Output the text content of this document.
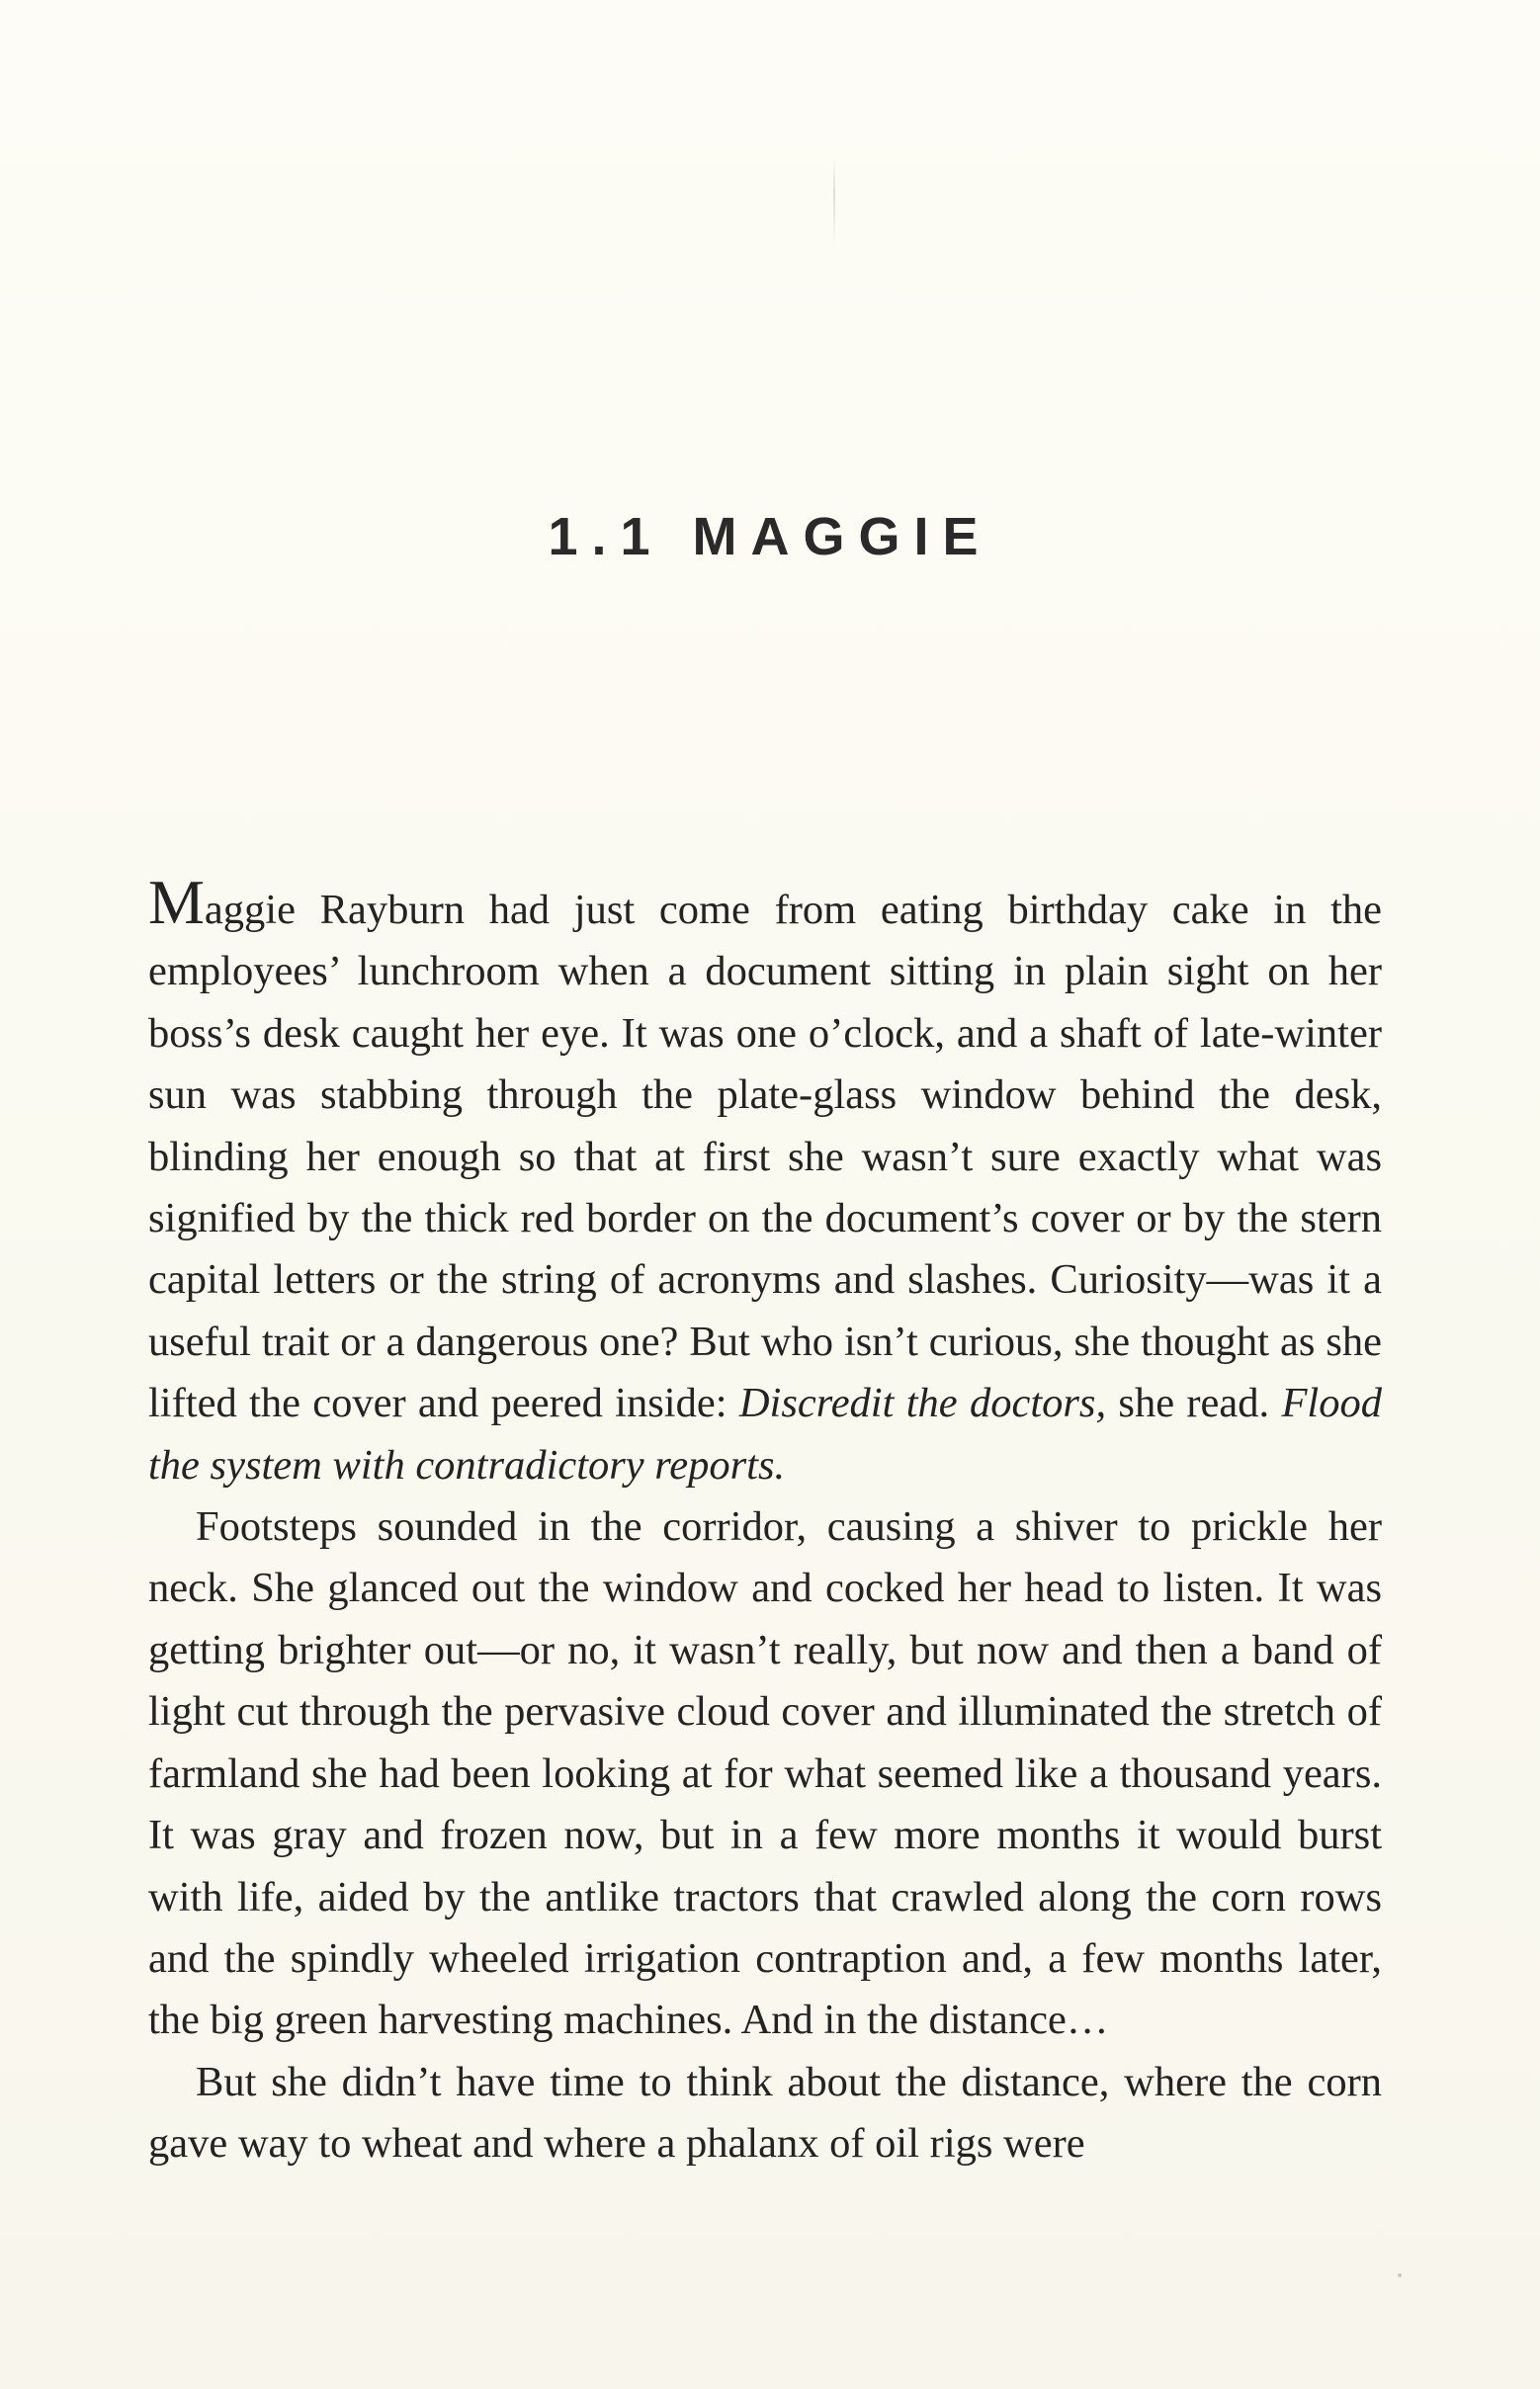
1.1 MAGGIE

Maggie Rayburn had just come from eating birthday cake in the employees’ lunchroom when a document sitting in plain sight on her boss’s desk caught her eye. It was one o’clock, and a shaft of late-winter sun was stabbing through the plate-glass window behind the desk, blinding her enough so that at first she wasn’t sure exactly what was signified by the thick red border on the document’s cover or by the stern capital letters or the string of acronyms and slashes. Curiosity—was it a useful trait or a dangerous one? But who isn’t curious, she thought as she lifted the cover and peered inside: Discredit the doctors, she read. Flood the system with contradictory reports.

Footsteps sounded in the corridor, causing a shiver to prickle her neck. She glanced out the window and cocked her head to listen. It was getting brighter out—or no, it wasn’t really, but now and then a band of light cut through the pervasive cloud cover and illuminated the stretch of farmland she had been looking at for what seemed like a thousand years. It was gray and frozen now, but in a few more months it would burst with life, aided by the antlike tractors that crawled along the corn rows and the spindly wheeled irrigation contraption and, a few months later, the big green harvesting machines. And in the distance…

But she didn’t have time to think about the distance, where the corn gave way to wheat and where a phalanx of oil rigs were
